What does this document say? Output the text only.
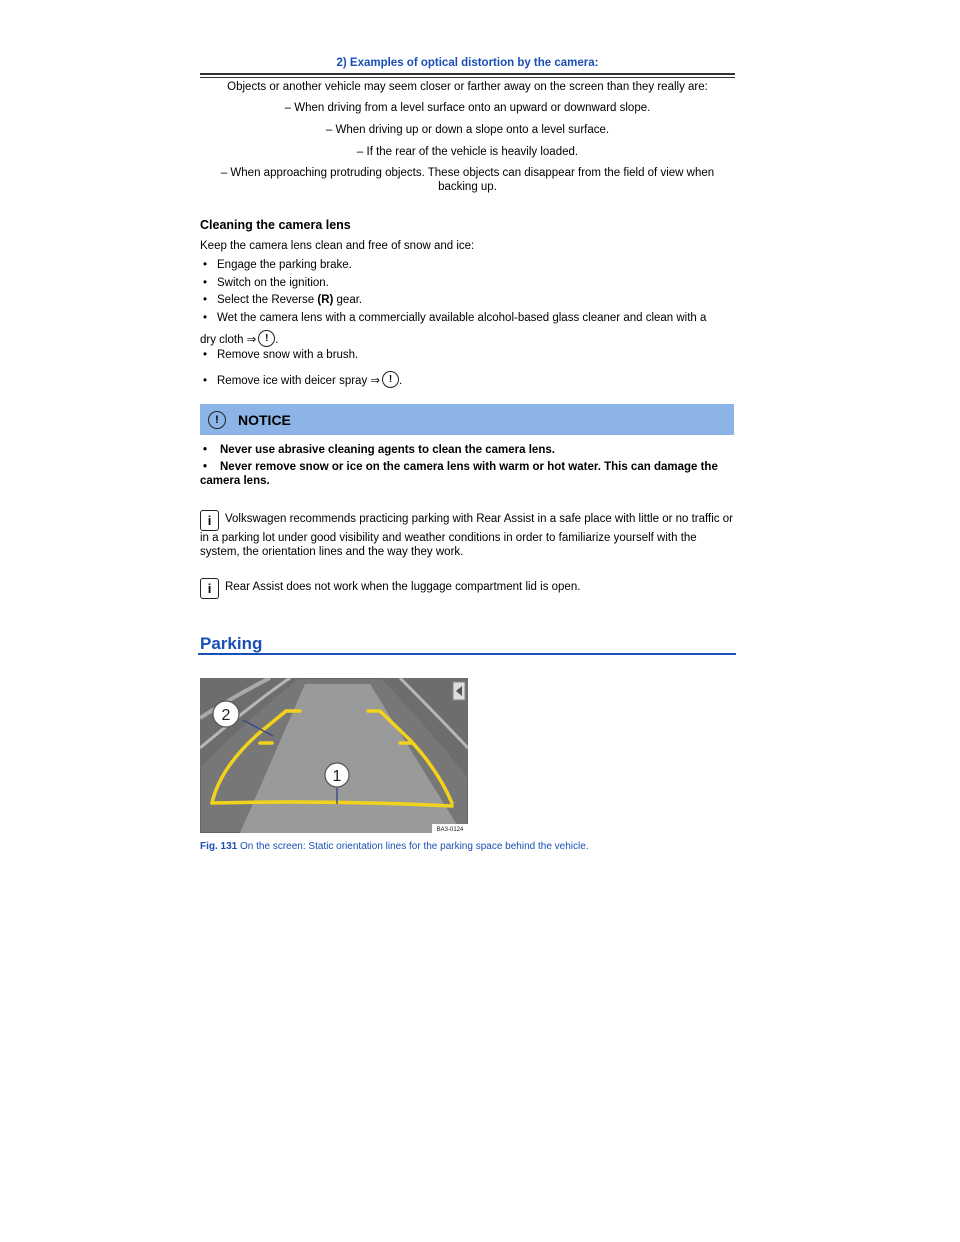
2) Examples of optical distortion by the camera:
Objects or another vehicle may seem closer or farther away on the screen than they really are:
– When driving from a level surface onto an upward or downward slope.
– When driving up or down a slope onto a level surface.
– If the rear of the vehicle is heavily loaded.
– When approaching protruding objects. These objects can disappear from the field of view when
backing up.
Cleaning the camera lens
Keep the camera lens clean and free of snow and ice:
• Engage the parking brake.
• Switch on the ignition.
• Select the Reverse (R) gear.
• Wet the camera lens with a commercially available alcohol-based glass cleaner and clean with a
dry cloth ⇒ ! .
• Remove snow with a brush.
• Remove ice with deicer spray ⇒ ! .
!	NOTICE
• Never use abrasive cleaning agents to clean the camera lens.
• Never remove snow or ice on the camera lens with warm or hot water. This can damage the camera lens.
i Volkswagen recommends practicing parking with Rear Assist in a safe place with little or no traffic or in a parking lot under good visibility and weather conditions in order to familiarize yourself with the system, the orientation lines and the way they work.
i Rear Assist does not work when the luggage compartment lid is open.
Parking
2
1
BA3-0124
Fig. 131 On the screen: Static orientation lines for the parking space behind the vehicle.
